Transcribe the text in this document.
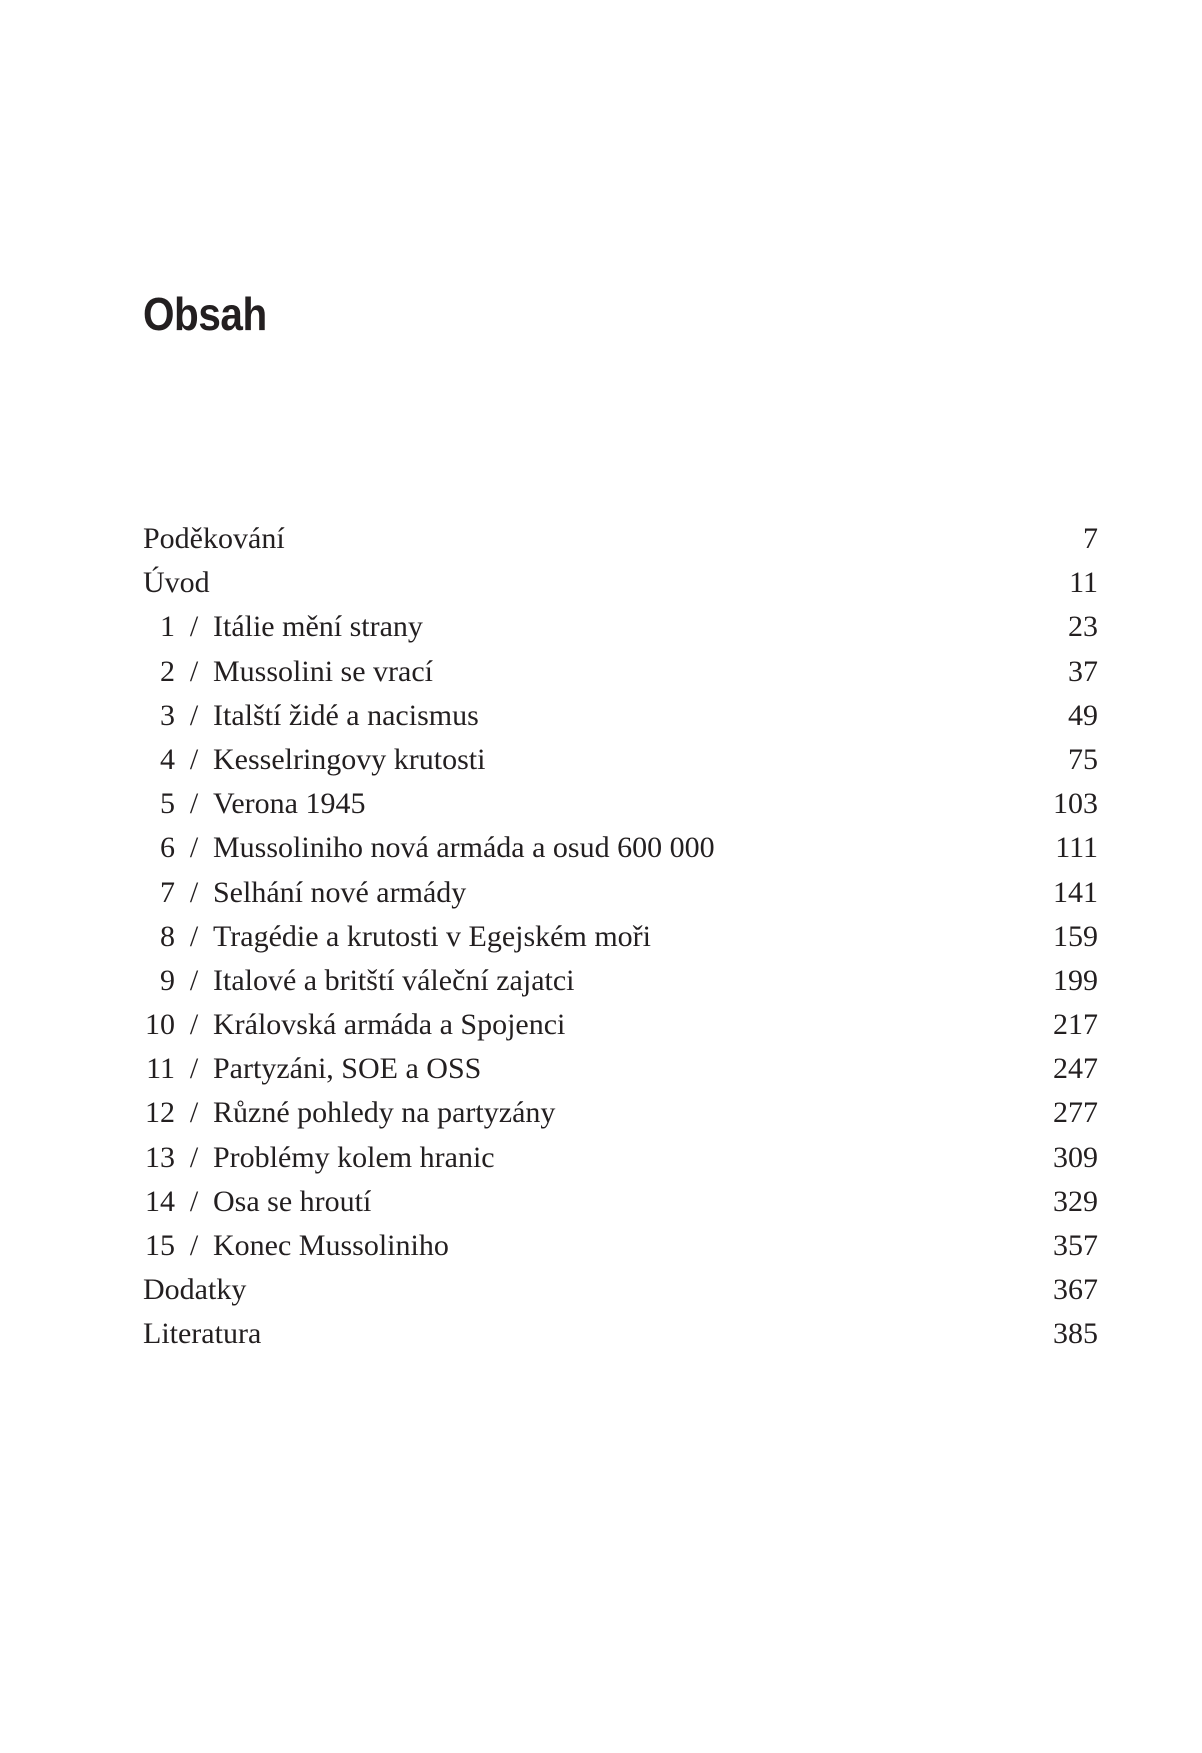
Obsah
Poděkování	7
Úvod	11
1 / Itálie mění strany	23
2 / Mussolini se vrací	37
3 / Italští židé a nacismus	49
4 / Kesselringovy krutosti	75
5 / Verona 1945	103
6 / Mussoliniho nová armáda a osud 600 000	111
7 / Selhání nové armády	141
8 / Tragédie a krutosti v Egejském moři	159
9 / Italové a britští váleční zajatci	199
10 / Královská armáda a Spojenci	217
11 / Partyzáni, SOE a OSS	247
12 / Různé pohledy na partyzány	277
13 / Problémy kolem hranic	309
14 / Osa se hroutí	329
15 / Konec Mussoliniho	357
Dodatky	367
Literatura	385
